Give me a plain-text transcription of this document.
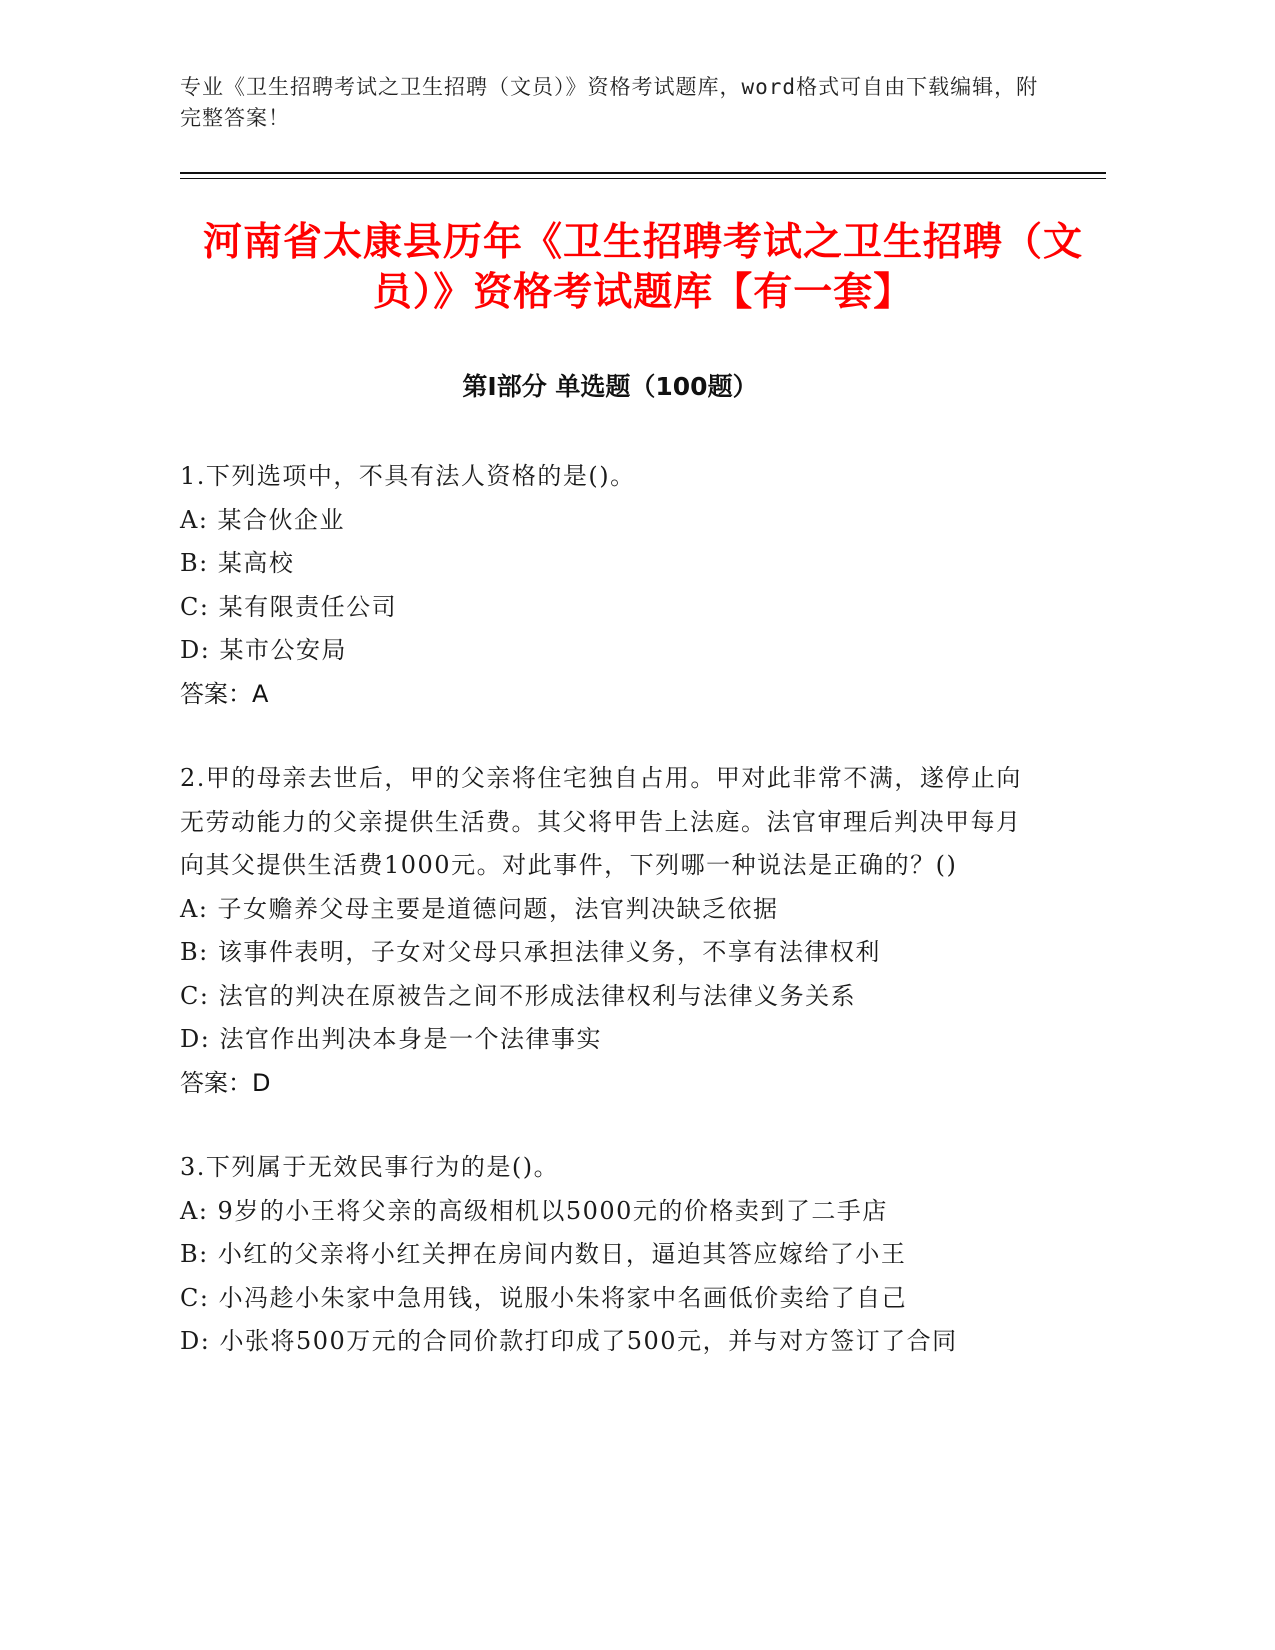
专业《卫生招聘考试之卫生招聘（文员）》资格考试题库，word格式可自由下载编辑，附完整答案！
河南省太康县历年《卫生招聘考试之卫生招聘（文员）》资格考试题库【有一套】
第Ⅰ部分 单选题（100题）
1.下列选项中，不具有法人资格的是()。
A: 某合伙企业
B: 某高校
C: 某有限责任公司
D: 某市公安局
答案：A
2.甲的母亲去世后，甲的父亲将住宅独自占用。甲对此非常不满，遂停止向无劳动能力的父亲提供生活费。其父将甲告上法庭。法官审理后判决甲每月向其父提供生活费1000元。对此事件，下列哪一种说法是正确的？()
A: 子女赡养父母主要是道德问题，法官判决缺乏依据
B: 该事件表明，子女对父母只承担法律义务，不享有法律权利
C: 法官的判决在原被告之间不形成法律权利与法律义务关系
D: 法官作出判决本身是一个法律事实
答案：D
3.下列属于无效民事行为的是()。
A: 9岁的小王将父亲的高级相机以5000元的价格卖到了二手店
B: 小红的父亲将小红关押在房间内数日，逼迫其答应嫁给了小王
C: 小冯趁小朱家中急用钱，说服小朱将家中名画低价卖给了自己
D: 小张将500万元的合同价款打印成了500元，并与对方签订了合同
